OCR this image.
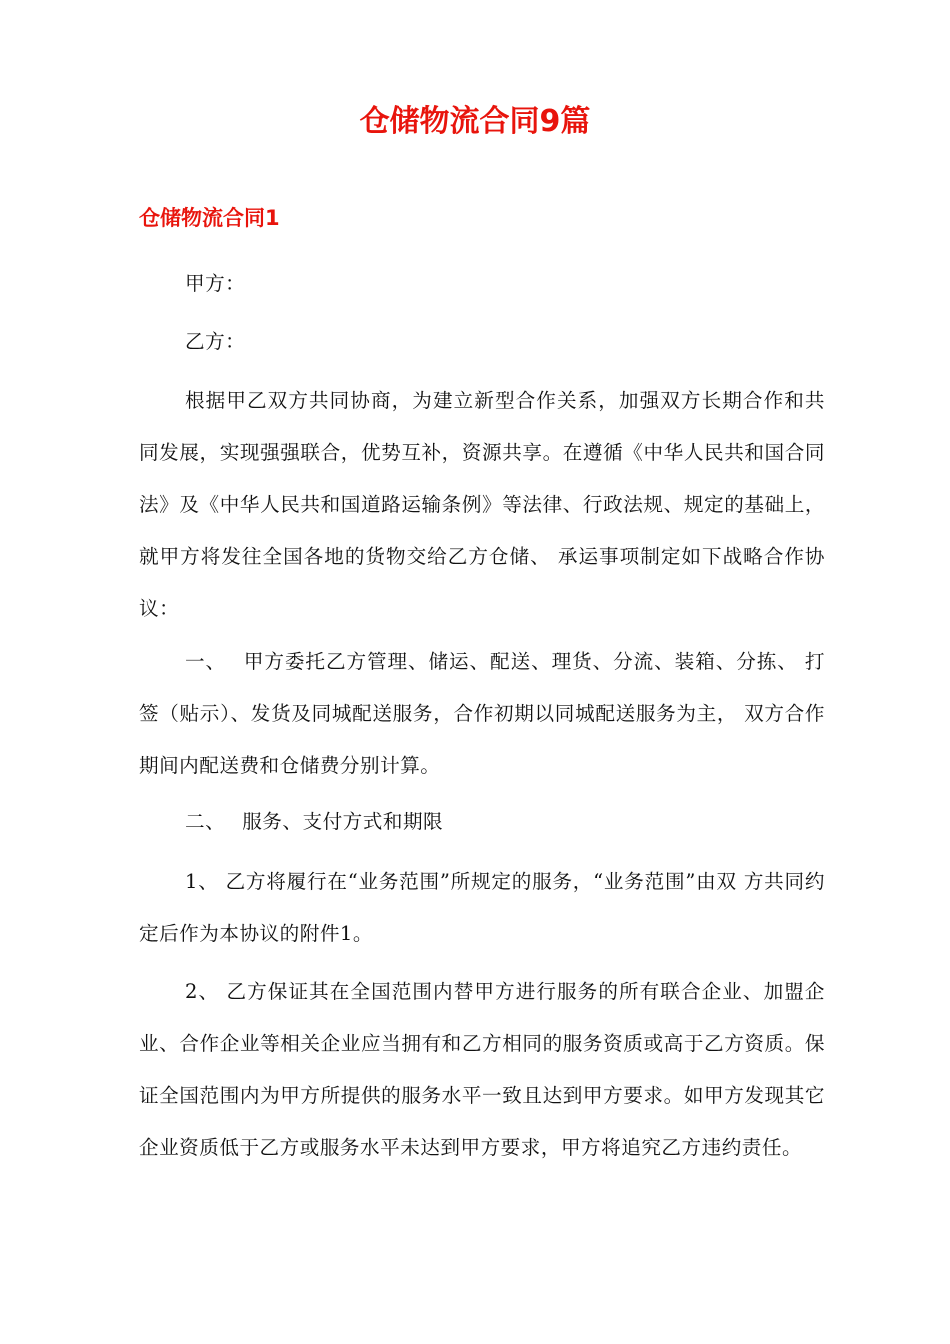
仓储物流合同9篇
仓储物流合同1

甲方：

乙方：

根据甲乙双方共同协商，为建立新型合作关系，加强双方长期合作和共同发展，实现强强联合，优势互补，资源共享。在遵循《中华人民共和国合同法》及《中华人民共和国道路运输条例》等法律、行政法规、规定的基础上，就甲方将发往全国各地的货物交给乙方仓储、 承运事项制定如下战略合作协议：

一、　 甲方委托乙方管理、储运、配送、理货、分流、装箱、分拣、 打签（贴示）、发货及同城配送服务，合作初期以同城配送服务为主， 双方合作期间内配送费和仓储费分别计算。

二、　 服务、支付方式和期限

1、 乙方将履行在“业务范围”所规定的服务，“业务范围”由双 方共同约定后作为本协议的附件1。

2、 乙方保证其在全国范围内替甲方进行服务的所有联合企业、加盟企业、合作企业等相关企业应当拥有和乙方相同的服务资质或高于乙方资质。保证全国范围内为甲方所提供的服务水平一致且达到甲方要求。如甲方发现其它企业资质低于乙方或服务水平未达到甲方要求，甲方将追究乙方违约责任。
